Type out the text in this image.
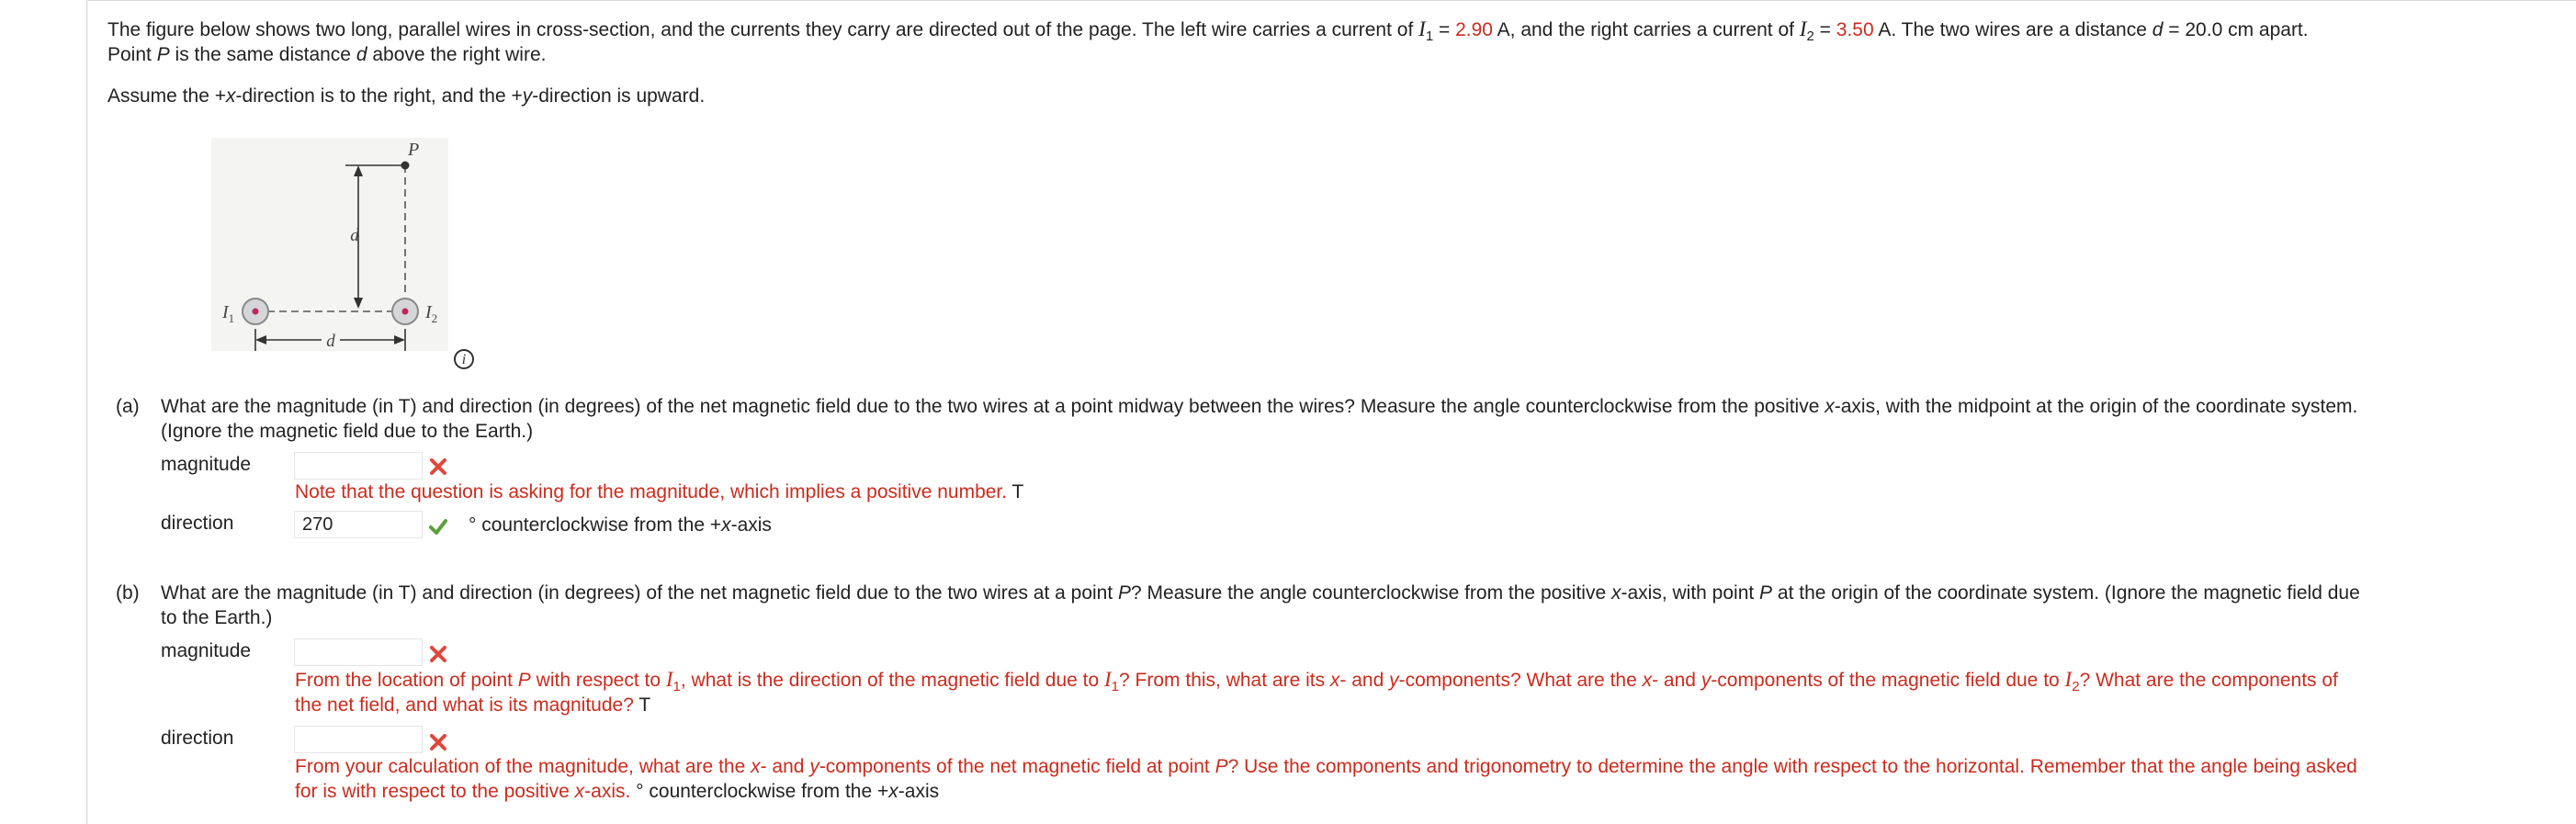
The figure below shows two long, parallel wires in cross-section, and the currents they carry are directed out of the page. The left wire carries a current of $I_1 = 2.90$ A, and the right carries a current of $I_2 = 3.50$ A. The two wires are a distance d = 20.0 cm apart.

Point P is the same distance d above the right wire.

Assume the +x-direction is to the right, and the +y-direction is upward.
d
P
$I_1$	$I_2$
d
i
(a) What are the magnitude (in T) and direction (in degrees) of the net magnetic field due to the two wires at a point midway between the wires? Measure the angle counterclockwise from the positive x-axis, with the midpoint at the origin of the coordinate system.
(Ignore the magnetic field due to the Earth.)
magnitude
Note that the question is asking for the magnitude, which implies a positive number. T
direction
270	° counterclockwise from the +x-axis
(b) What are the magnitude (in T) and direction (in degrees) of the net magnetic field due to the two wires at a point P? Measure the angle counterclockwise from the positive x-axis, with point P at the origin of the coordinate system. (Ignore the magnetic field due
to the Earth.)
magnitude
From the location of point P with respect to $I_1$, what is the direction of the magnetic field due to $I_1$? From this, what are its x- and y-components? What are the x- and y-components of the magnetic field due to $I_2$? What are the components of
the net field, and what is its magnitude? T
direction
From your calculation of the magnitude, what are the x- and y-components of the net magnetic field at point P? Use the components and trigonometry to determine the angle with respect to the horizontal. Remember that the angle being asked
for is with respect to the positive x-axis. ° counterclockwise from the +x-axis
